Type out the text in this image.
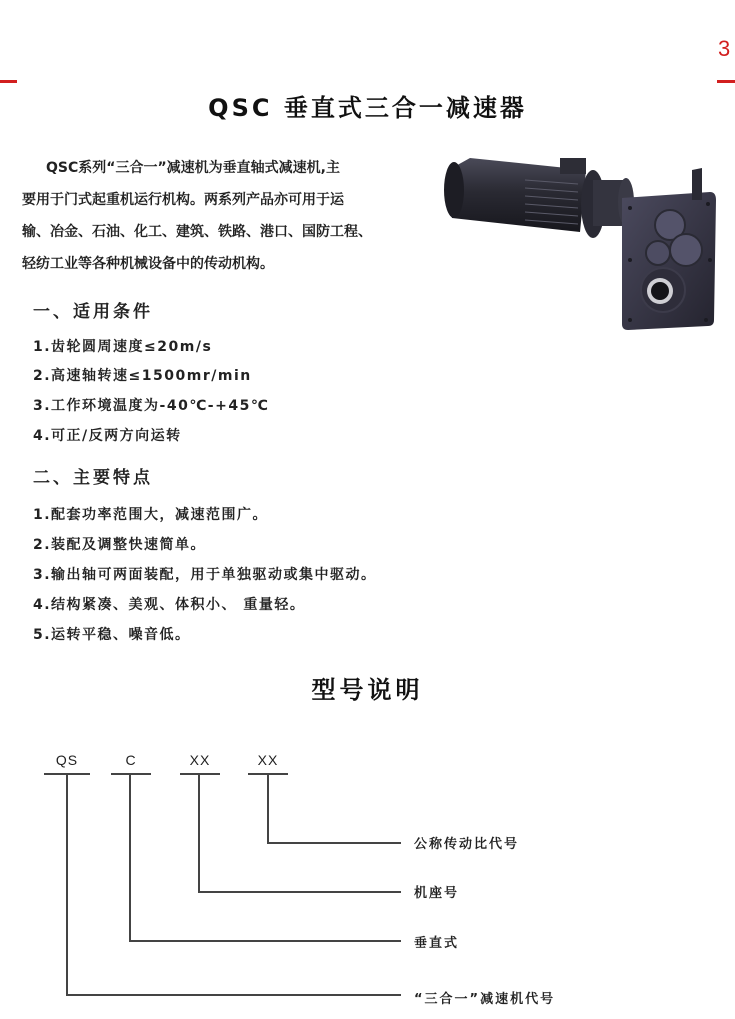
3
QSC 垂直式三合一减速器
QSC系列“三合一”减速机为垂直轴式减速机,主
要用于门式起重机运行机构。两系列产品亦可用于运
输、冶金、石油、化工、建筑、铁路、港口、国防工程、
轻纺工业等各种机械设备中的传动机构。
一、适用条件
1.齿轮圆周速度≤20m/s
2.高速轴转速≤1500mr/min
3.工作环境温度为-40℃-+45℃
4.可正/反两方向运转
二、主要特点
1.配套功率范围大，减速范围广。
2.装配及调整快速简单。
3.输出轴可两面装配，用于单独驱动或集中驱动。
4.结构紧凑、美观、体积小、 重量轻。
5.运转平稳、噪音低。
型号说明
QS	C	XX	XX
公称传动比代号
机座号
垂直式
“三合一”减速机代号
